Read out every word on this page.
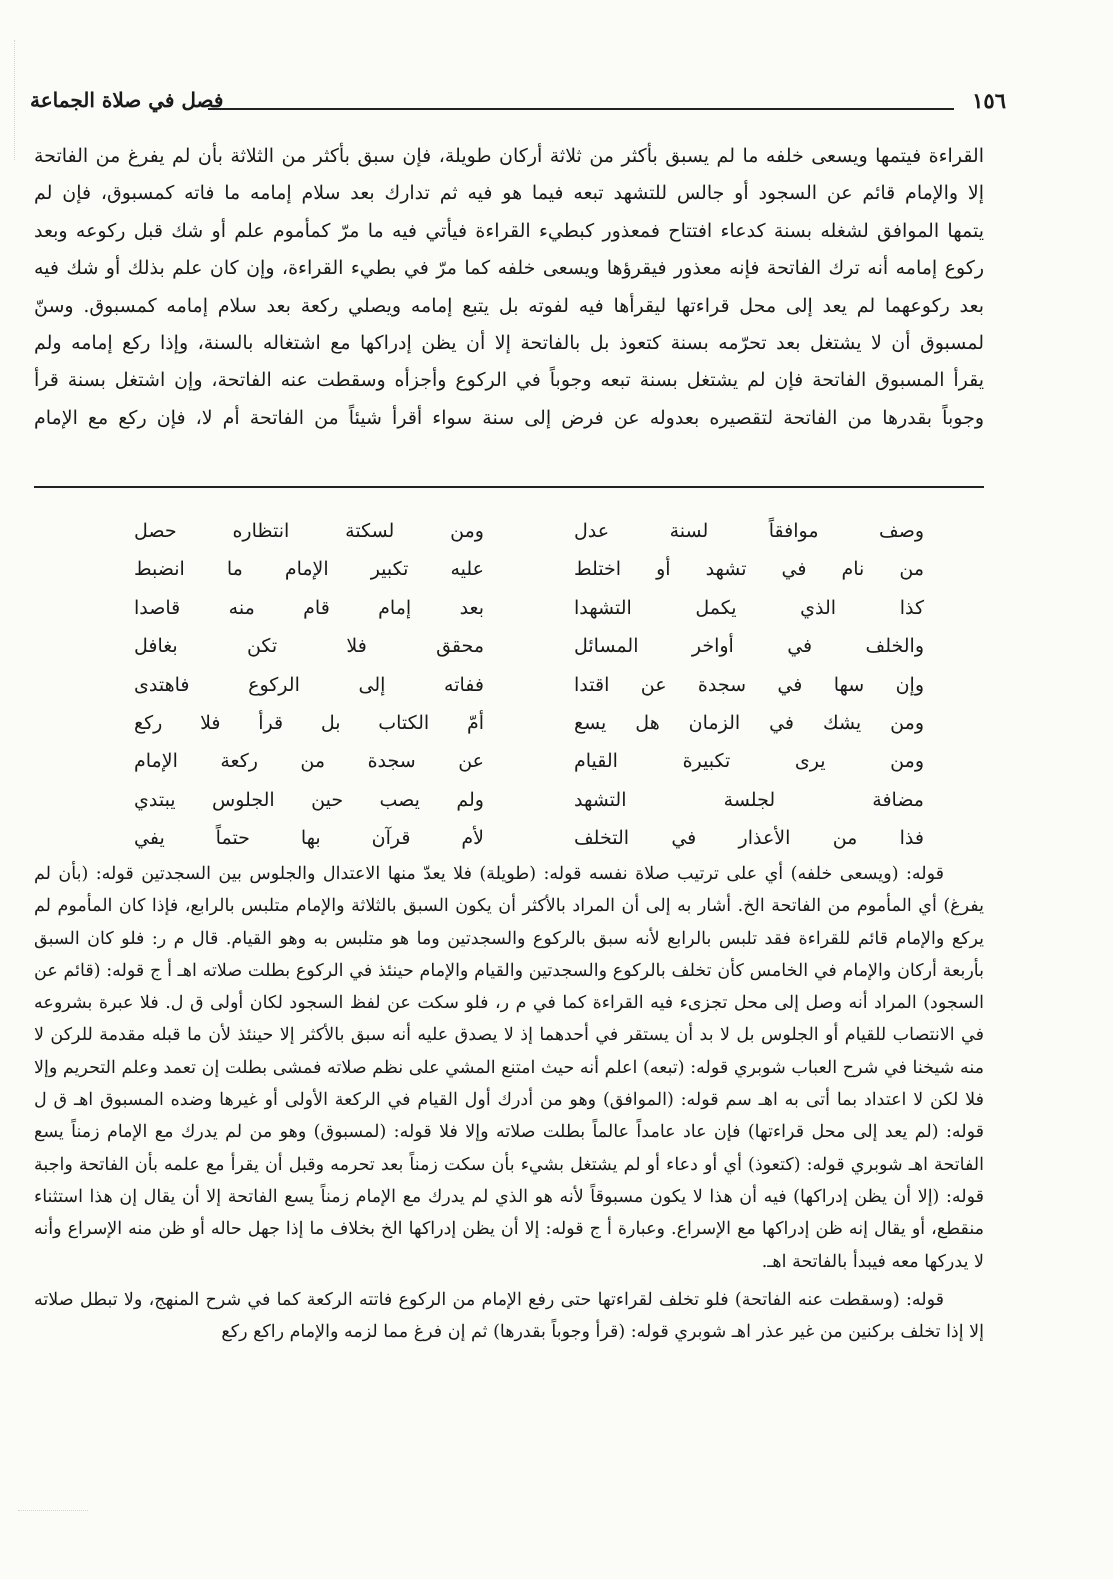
١٥٦
فصل في صلاة الجماعة

القراءة فيتمها ويسعى خلفه ما لم يسبق بأكثر من ثلاثة أركان طويلة، فإن سبق بأكثر من الثلاثة بأن لم يفرغ من الفاتحة

إلا والإمام قائم عن السجود أو جالس للتشهد تبعه فيما هو فيه ثم تدارك بعد سلام إمامه ما فاته كمسبوق، فإن لم

يتمها الموافق لشغله بسنة كدعاء افتتاح فمعذور كبطيء القراءة فيأتي فيه ما مرّ كمأموم علم أو شك قبل ركوعه وبعد

ركوع إمامه أنه ترك الفاتحة فإنه معذور فيقرؤها ويسعى خلفه كما مرّ في بطيء القراءة، وإن كان علم بذلك أو شك فيه

بعد ركوعهما لم يعد إلى محل قراءتها ليقرأها فيه لفوته بل يتبع إمامه ويصلي ركعة بعد سلام إمامه كمسبوق. وسنّ

لمسبوق أن لا يشتغل بعد تحرّمه بسنة كتعوذ بل بالفاتحة إلا أن يظن إدراكها مع اشتغاله بالسنة، وإذا ركع إمامه ولم

يقرأ المسبوق الفاتحة فإن لم يشتغل بسنة تبعه وجوباً في الركوع وأجزأه وسقطت عنه الفاتحة، وإن اشتغل بسنة قرأ

وجوباً بقدرها من الفاتحة لتقصيره بعدوله عن فرض إلى سنة سواء أقرأ شيئاً من الفاتحة أم لا، فإن ركع مع الإمام

وصف موافقاً لسنة عدل
ومن لسكتة انتظاره حصل
من نام في تشهد أو اختلط
عليه تكبير الإمام ما انضبط
كذا الذي يكمل التشهدا
بعد إمام قام منه قاصدا
والخلف في أواخر المسائل
محقق فلا تكن بغافل
وإن سها في سجدة عن اقتدا
ففاته إلى الركوع فاهتدى
ومن يشك في الزمان هل يسع
أمّ الكتاب بل قرأ فلا ركع
ومن يرى تكبيرة القيام
عن سجدة من ركعة الإمام
مضافة لجلسة التشهد
ولم يصب حين الجلوس يبتدي
فذا من الأعذار في التخلف
لأم قرآن بها حتماً يفي

قوله: (ويسعى خلفه) أي على ترتيب صلاة نفسه قوله: (طويلة) فلا يعدّ منها الاعتدال والجلوس بين السجدتين قوله: (بأن لم يفرغ) أي المأموم من الفاتحة الخ. أشار به إلى أن المراد بالأكثر أن يكون السبق بالثلاثة والإمام متلبس بالرابع، فإذا كان المأموم لم يركع والإمام قائم للقراءة فقد تلبس بالرابع لأنه سبق بالركوع والسجدتين وما هو متلبس به وهو القيام. قال م ر: فلو كان السبق بأربعة أركان والإمام في الخامس كأن تخلف بالركوع والسجدتين والقيام والإمام حينئذ في الركوع بطلت صلاته اهـ أ ج قوله: (قائم عن السجود) المراد أنه وصل إلى محل تجزىء فيه القراءة كما في م ر، فلو سكت عن لفظ السجود لكان أولى ق ل. فلا عبرة بشروعه في الانتصاب للقيام أو الجلوس بل لا بد أن يستقر في أحدهما إذ لا يصدق عليه أنه سبق بالأكثر إلا حينئذ لأن ما قبله مقدمة للركن لا منه شيخنا في شرح العباب شوبري قوله: (تبعه) اعلم أنه حيث امتنع المشي على نظم صلاته فمشى بطلت إن تعمد وعلم التحريم وإلا فلا لكن لا اعتداد بما أتى به اهـ سم قوله: (الموافق) وهو من أدرك أول القيام في الركعة الأولى أو غيرها وضده المسبوق اهـ ق ل قوله: (لم يعد إلى محل قراءتها) فإن عاد عامداً عالماً بطلت صلاته وإلا فلا قوله: (لمسبوق) وهو من لم يدرك مع الإمام زمناً يسع الفاتحة اهـ شوبري قوله: (كتعوذ) أي أو دعاء أو لم يشتغل بشيء بأن سكت زمناً بعد تحرمه وقبل أن يقرأ مع علمه بأن الفاتحة واجبة قوله: (إلا أن يظن إدراكها) فيه أن هذا لا يكون مسبوقاً لأنه هو الذي لم يدرك مع الإمام زمناً يسع الفاتحة إلا أن يقال إن هذا استثناء منقطع، أو يقال إنه ظن إدراكها مع الإسراع. وعبارة أ ج قوله: إلا أن يظن إدراكها الخ بخلاف ما إذا جهل حاله أو ظن منه الإسراع وأنه لا يدركها معه فيبدأ بالفاتحة اهـ.

قوله: (وسقطت عنه الفاتحة) فلو تخلف لقراءتها حتى رفع الإمام من الركوع فاتته الركعة كما في شرح المنهج، ولا تبطل صلاته إلا إذا تخلف بركنين من غير عذر اهـ شوبري قوله: (قرأ وجوباً بقدرها) ثم إن فرغ مما لزمه والإمام راكع ركع
